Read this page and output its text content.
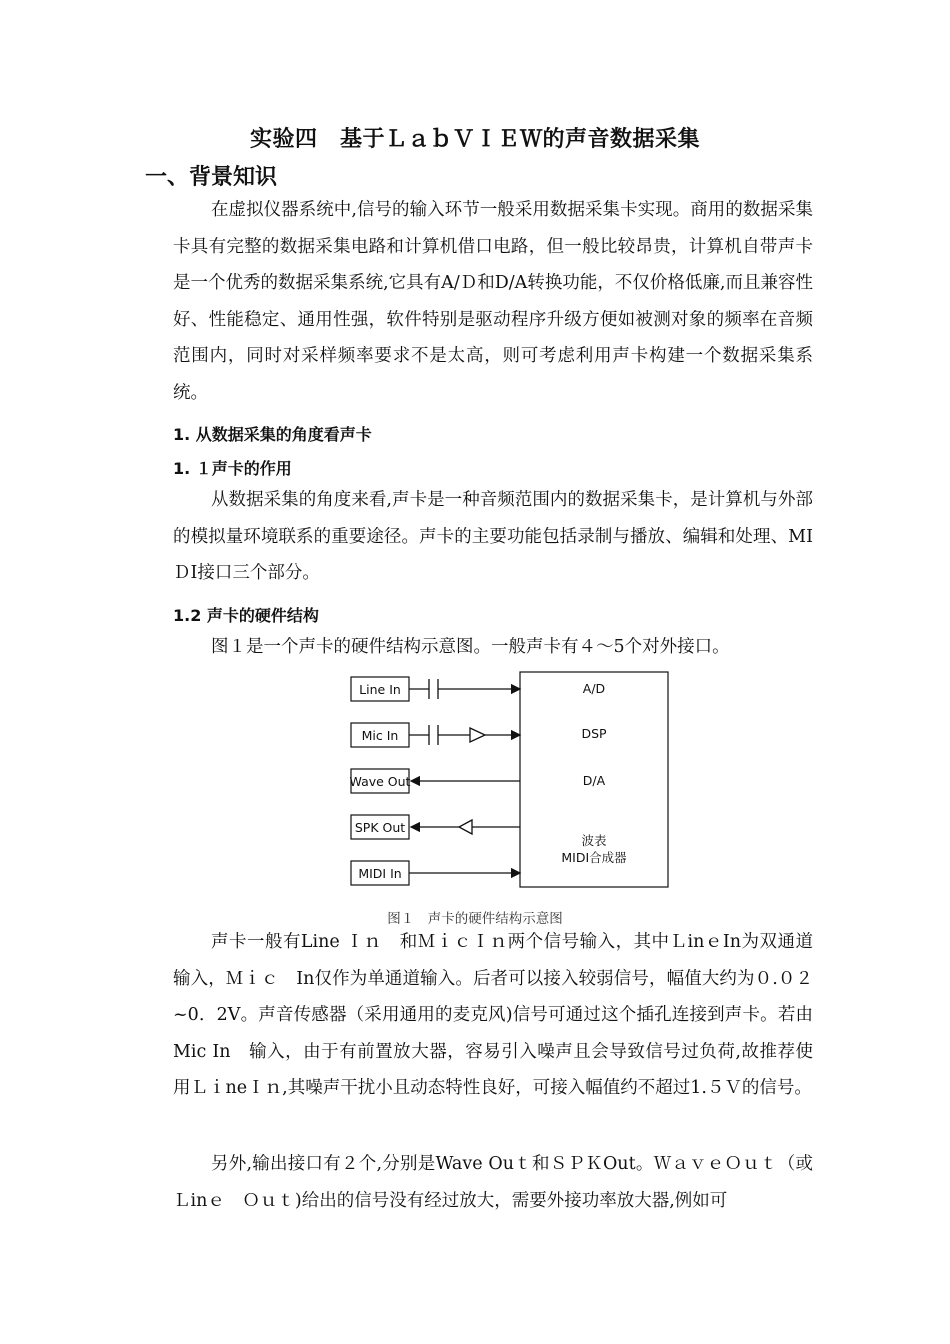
实验四　基于ＬａｂＶＩＥＷ的声音数据采集
一、背景知识

在虚拟仪器系统中,信号的输入环节一般采用数据采集卡实现。商用的数据采集卡具有完整的数据采集电路和计算机借口电路，但一般比较昂贵，计算机自带声卡是一个优秀的数据采集系统,它具有A/Ｄ和D/A转换功能，不仅价格低廉,而且兼容性好、性能稳定、通用性强，软件特别是驱动程序升级方便如被测对象的频率在音频范围内，同时对采样频率要求不是太高，则可考虑利用声卡构建一个数据采集系统。

1. 从数据采集的角度看声卡
1. １声卡的作用

从数据采集的角度来看,声卡是一种音频范围内的数据采集卡，是计算机与外部的模拟量环境联系的重要途径。声卡的主要功能包括录制与播放、编辑和处理、MIＤI接口三个部分。

1.2 声卡的硬件结构

图１是一个声卡的硬件结构示意图。一般声卡有４～5个对外接口。

Line In
Mic In
Wave Out
SPK Out
MIDI In
A/D
DSP
D/A
波表
MIDI合成器
图１　声卡的硬件结构示意图

声卡一般有Line Ｉｎ　和ＭｉｃＩｎ两个信号输入，其中ＬinｅIn为双通道输入，Ｍｉｃ　In仅作为单通道输入。后者可以接入较弱信号，幅值大约为０.０２~0．2V。声音传感器（采用通用的麦克风)信号可通过这个插孔连接到声卡。若由Mic In　输入，由于有前置放大器，容易引入噪声且会导致信号过负荷,故推荐使用ＬｉneＩｎ,其噪声干扰小且动态特性良好，可接入幅值约不超过1.５Ｖ的信号。

另外,输出接口有２个,分别是Wave Ouｔ和ＳＰＫOut。ＷａｖｅＯｕｔ（或Ｌinｅ　Ｏｕｔ)给出的信号没有经过放大，需要外接功率放大器,例如可
